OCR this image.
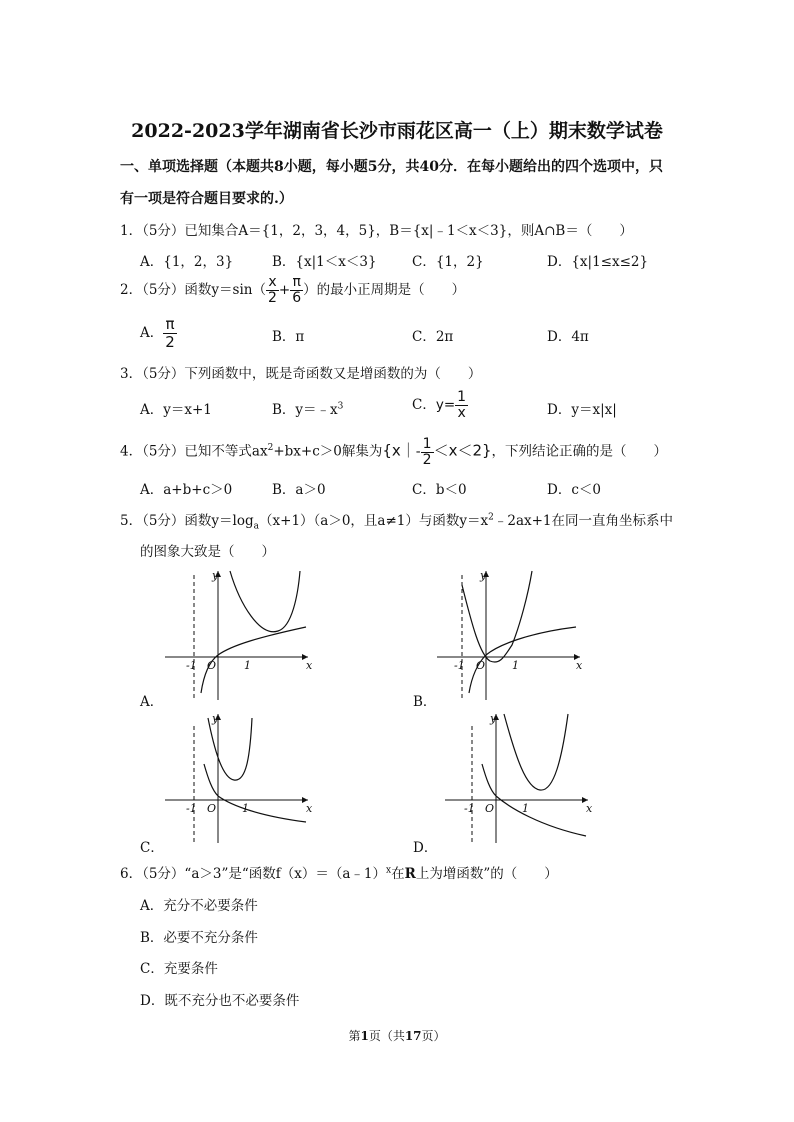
2022-2023学年湖南省长沙市雨花区高一（上）期末数学试卷
一、单项选择题（本题共8小题，每小题5分，共40分．在每小题给出的四个选项中，只
有一项是符合题目要求的.）
1．（5分）已知集合A＝{1，2，3，4，5}，B＝{x|﹣1＜x＜3}，则A∩B＝（　　）
A．{1，2，3}	B．{x|1＜x＜3}	C．{1，2}	D．{x|1≤x≤2}
2．（5分）函数$y=\sin( \frac{x}{2} + \frac{\pi}{6}$ ）的最小正周期是（　　）
A． $\frac{\pi}{2}$	B．π	C．2π	D．4π
3．（5分）下列函数中，既是奇函数又是增函数的为（　　）
A．y＝x+1	B．$y=﹣x^3$	C．$y= \frac{1}{x}$	D．y＝x|x|
4．（5分）已知不等式$ax^2+bx+c>0$解集为{x｜- $\frac{1}{2} <x<2$}，下列结论正确的是（　　）
A．a+b+c＞0	B．a＞0	C．b＜0	D．c＜0
5．（5分）函数$y=\log_a(x+1)(a>0$，且a≠1）与函数$y=x^2﹣2ax+1$在同一直角坐标系中
的图象大致是（　　）
y
x
O
-1	1
A．
y
x
O
-1	1
B．
y
x
O
-1	1
C．
y
x
O
-1	1
D．
6．（5分）“a＞3”是“函数f（x）＝（a﹣1）$^x$在R上为增函数”的（　　）
A．充分不必要条件
B．必要不充分条件
C．充要条件
D．既不充分也不必要条件
第1页（共17页）
